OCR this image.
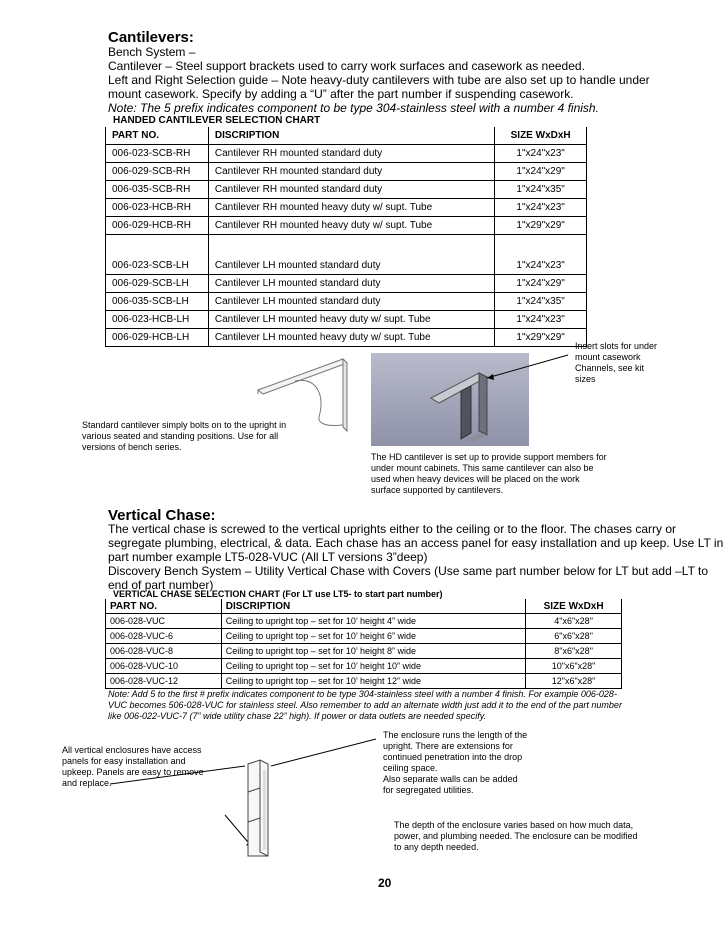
Cantilevers:
Bench System –
Cantilever – Steel support brackets used to carry work surfaces and casework as needed.
Left and Right Selection guide – Note heavy-duty cantilevers with tube are also set up to handle under
mount casework. Specify by adding a “U” after the part number if suspending casework.
Note: The 5 prefix indicates component to be type 304-stainless steel with a number 4 finish.
HANDED CANTILEVER SELECTION CHART
PART NO.	DISCRIPTION	SIZE WxDxH
006-023-SCB-RH	Cantilever RH mounted standard duty	1"x24"x23"
006-029-SCB-RH	Cantilever RH mounted standard duty	1"x24"x29"
006-035-SCB-RH	Cantilever RH mounted standard duty	1"x24"x35"
006-023-HCB-RH	Cantilever RH mounted heavy duty w/ supt. Tube	1"x24"x23"
006-029-HCB-RH	Cantilever RH mounted heavy duty w/ supt. Tube	1"x29"x29"

006-023-SCB-LH	Cantilever LH mounted standard duty	1"x24"x23"
006-029-SCB-LH	Cantilever LH mounted standard duty	1"x24"x29"
006-035-SCB-LH	Cantilever LH mounted standard duty	1"x24"x35"
006-023-HCB-LH	Cantilever LH mounted heavy duty w/ supt. Tube	1"x24"x23"
006-029-HCB-LH	Cantilever LH mounted heavy duty w/ supt. Tube	1"x29"x29"
Insert slots for under
mount casework
Channels, see kit
sizes
Standard cantilever simply bolts on to the upright in
various seated and standing positions. Use for all
versions of bench series.
The HD cantilever is set up to provide support members for
under mount cabinets. This same cantilever can also be
used when heavy devices will be placed on the work
surface supported by cantilevers.
Vertical Chase:
The vertical chase is screwed to the vertical uprights either to the ceiling or to the floor. The chases carry or
segregate plumbing, electrical, & data. Each chase has an access panel for easy installation and up keep. Use LT in
part number example LT5-028-VUC (All LT versions 3”deep)
Discovery Bench System – Utility Vertical Chase with Covers (Use same part number below for LT but add –LT to
end of part number)
VERTICAL CHASE SELECTION CHART (For LT use LT5- to start part number)
PART NO.	DISCRIPTION	SIZE WxDxH
006-028-VUC	Ceiling to upright top – set for 10’ height 4” wide	4"x6"x28"
006-028-VUC-6	Ceiling to upright top – set for 10’ height 6” wide	6"x6"x28"
006-028-VUC-8	Ceiling to upright top – set for 10’ height 8” wide	8"x6"x28"
006-028-VUC-10	Ceiling to upright top – set for 10’ height 10” wide	10"x6"x28"
006-028-VUC-12	Ceiling to upright top – set for 10’ height 12” wide	12"x6"x28"
Note: Add 5 to the first # prefix indicates component to be type 304-stainless steel with a number 4 finish. For example 006-028-
VUC becomes 506-028-VUC for stainless steel. Also remember to add an alternate width just add it to the end of the part number
like 006-022-VUC-7 (7” wide utility chase 22” high). If power or data outlets are needed specify.
All vertical enclosures have access
panels for easy installation and
upkeep. Panels are easy to remove
and replace.
The enclosure runs the length of the
upright. There are extensions for
continued penetration into the drop
ceiling space.
Also separate walls can be added
for segregated utilities.
The depth of the enclosure varies based on how much data,
power, and plumbing needed. The enclosure can be modified
to any depth needed.
20
